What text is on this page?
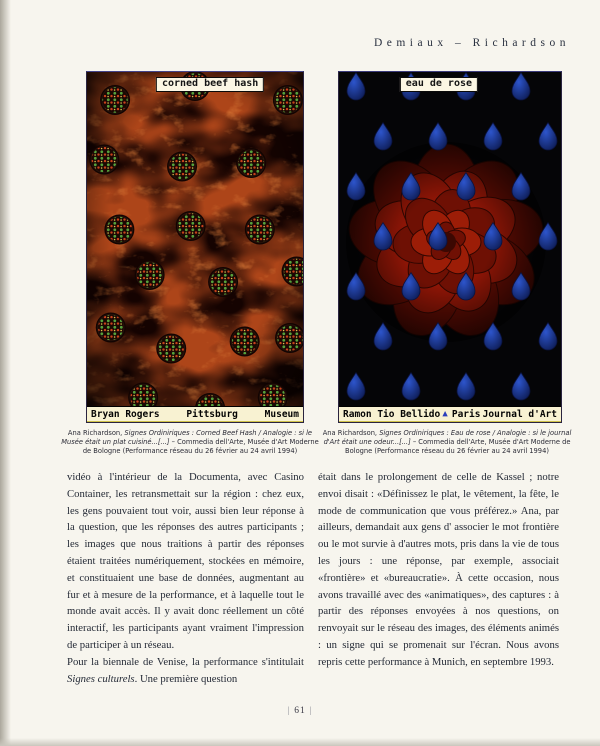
Demiaux – Richardson
corned beef hash
Bryan Rogers	Pittsburg	Museum
eau de rose
Ramon Tio Bellido ▲ Paris Journal d'Art
Ana Richardson, Signes Ordiniriques : Corned Beef Hash / Analogie : si le Musée était un plat cuisiné...[...] – Commedia dell'Arte, Musée d'Art Moderne de Bologne (Performance réseau du 26 février au 24 avril 1994)
Ana Richardson, Signes Ordiniriques : Eau de rose / Analogie : si le journal d'Art était une odeur...[...] – Commedia dell'Arte, Musée d'Art Moderne de Bologne (Performance réseau du 26 février au 24 avril 1994)

vidéo à l'intérieur de la Documenta, avec Casino Container, les retransmettait sur la région : chez eux, les gens pouvaient tout voir, aussi bien leur réponse à la question, que les réponses des autres participants ; les images que nous traitions à partir des réponses étaient traitées numériquement, stockées en mémoire, et constituaient une base de données, augmentant au fur et à mesure de la performance, et à laquelle tout le monde avait accès. Il y avait donc réellement un côté interactif, les participants ayant vraiment l'impression de participer à un réseau.

Pour la biennale de Venise, la performance s'intitulait Signes culturels. Une première question

était dans le prolongement de celle de Kassel ; notre envoi disait : «Définissez le plat, le vêtement, la fête, le mode de communication que vous préférez.» Ana, par ailleurs, demandait aux gens d' associer le mot frontière ou le mot survie à d'autres mots, pris dans la vie de tous les jours : une réponse, par exemple, associait «frontière» et «bureaucratie». À cette occasion, nous avons travaillé avec des «animatiques», des captures : à partir des réponses envoyées à nos questions, on renvoyait sur le réseau des images, des éléments animés : un signe qui se promenait sur l'écran. Nous avons repris cette performance à Munich, en septembre 1993.

| 61 |
